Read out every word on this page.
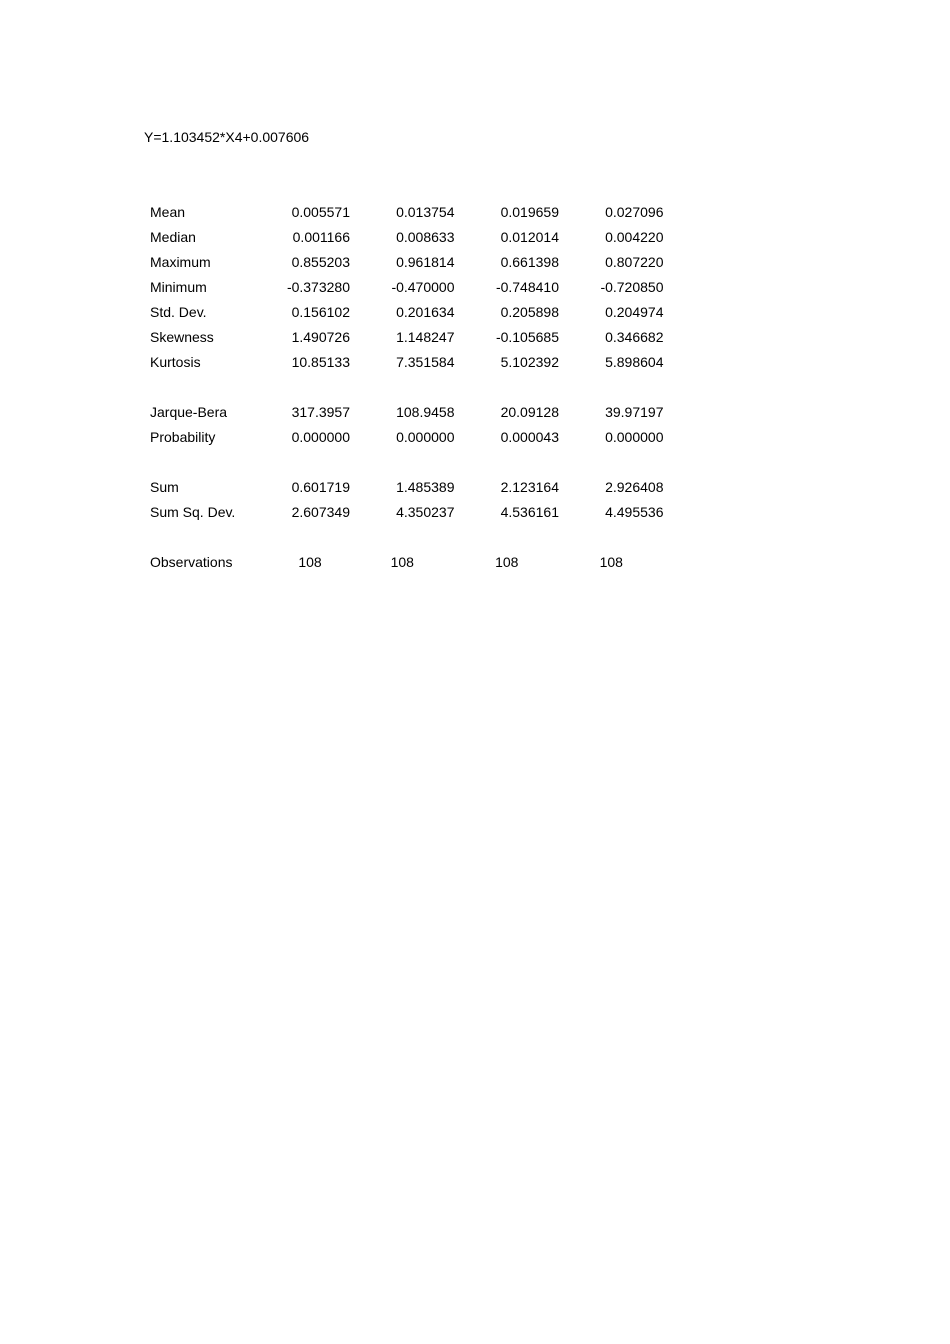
Y=1.103452*X4+0.007606
Mean	0.005571	0.013754	0.019659	0.027096
Median	0.001166	0.008633	0.012014	0.004220
Maximum	0.855203	0.961814	0.661398	0.807220
Minimum	-0.373280	-0.470000	-0.748410	-0.720850
Std. Dev.	0.156102	0.201634	0.205898	0.204974
Skewness	1.490726	1.148247	-0.105685	0.346682
Kurtosis	10.85133	7.351584	5.102392	5.898604

Jarque-Bera	317.3957	108.9458	20.09128	39.97197
Probability	0.000000	0.000000	0.000043	0.000000

Sum	0.601719	1.485389	2.123164	2.926408
Sum Sq. Dev.	2.607349	4.350237	4.536161	4.495536

Observations	108	108	108	108
